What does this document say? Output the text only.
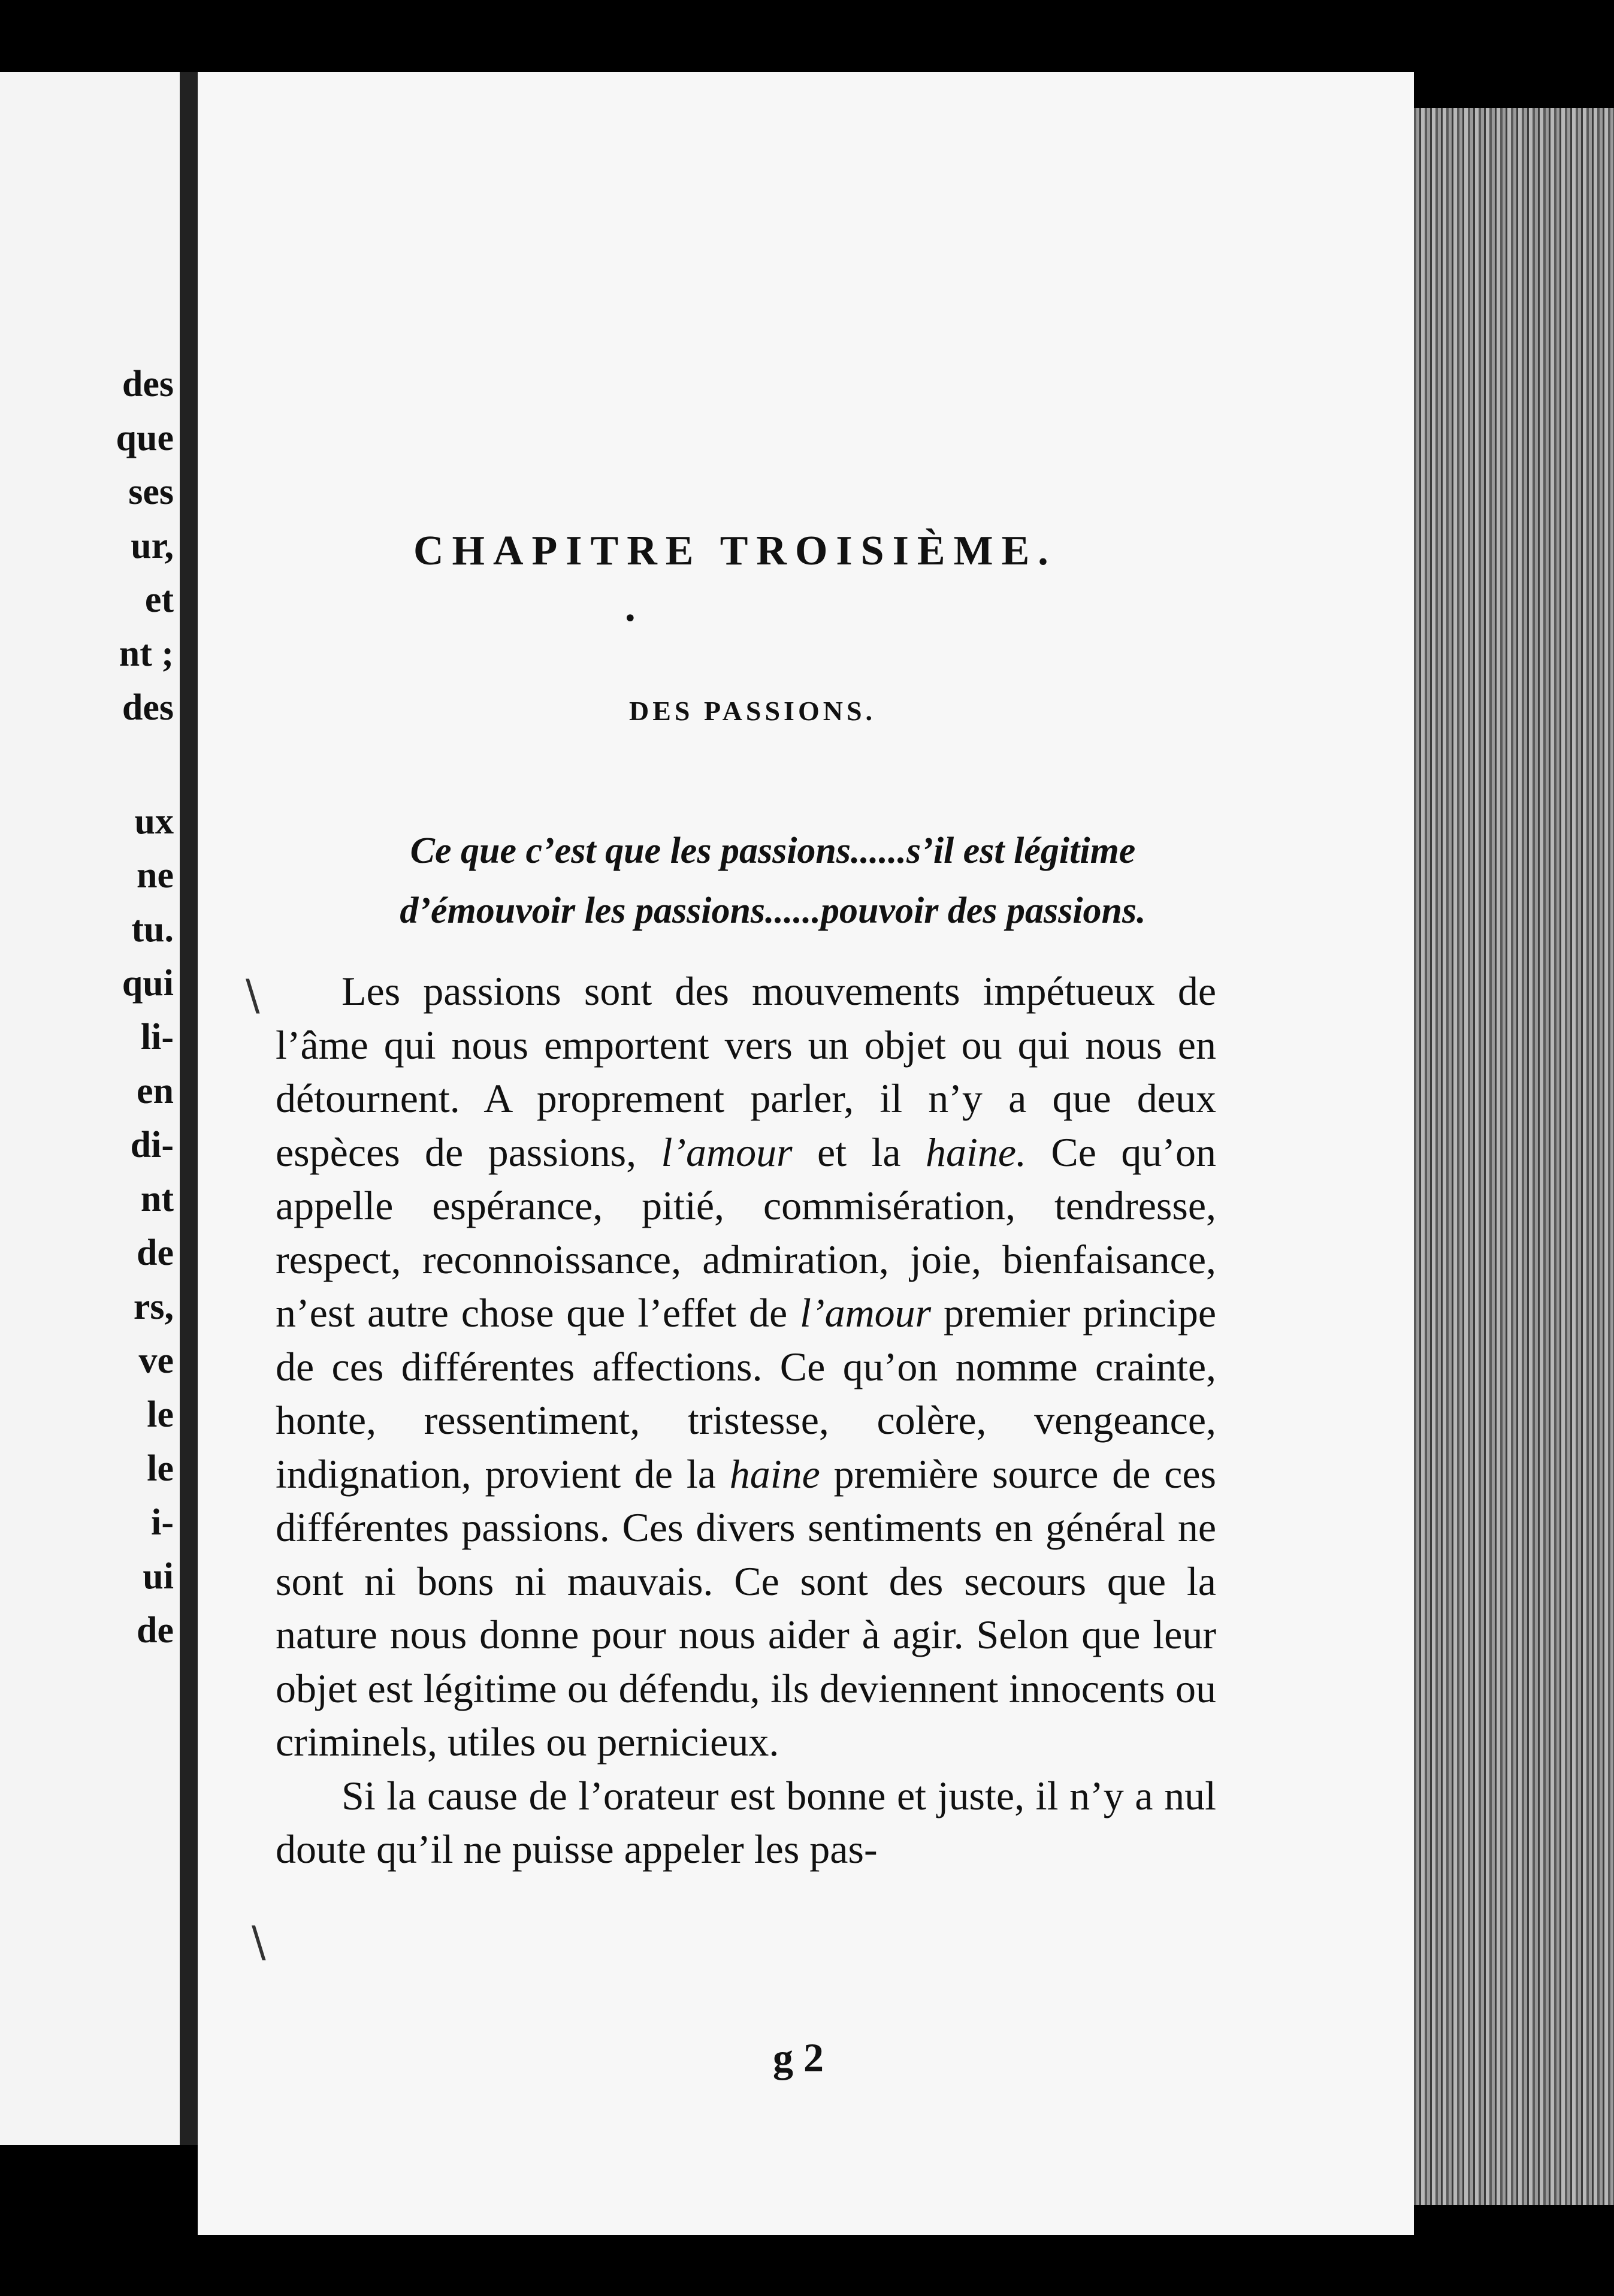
des
que
ses
ur,
et
nt ;
des
ux
ne
tu.
qui
li-
en
di-
nt
de
rs,
ve
le
le
i-
ui
de
CHAPITRE TROISIÈME.
•
DES PASSIONS.
Ce que c’est que les passions......s’il est légitime
d’émouvoir les passions......pouvoir des passions.
\
\

Les passions sont des mouvements impétueux de l’âme qui nous emportent vers un objet ou qui nous en détournent. A proprement parler, il n’y a que deux espèces de passions, l’amour et la haine. Ce qu’on appelle espérance, pitié, commisération, tendresse, respect, reconnoissance, admiration, joie, bienfaisance, n’est autre chose que l’effet de l’amour premier principe de ces différentes affections. Ce qu’on nomme crainte, honte, ressentiment, tristesse, colère, vengeance, indignation, provient de la haine première source de ces différentes passions. Ces divers sentiments en général ne sont ni bons ni mauvais. Ce sont des secours que la nature nous donne pour nous aider à agir. Selon que leur objet est légitime ou défendu, ils deviennent innocents ou criminels, utiles ou pernicieux.

Si la cause de l’orateur est bonne et juste, il n’y a nul doute qu’il ne puisse appeler les pas-

g 2
